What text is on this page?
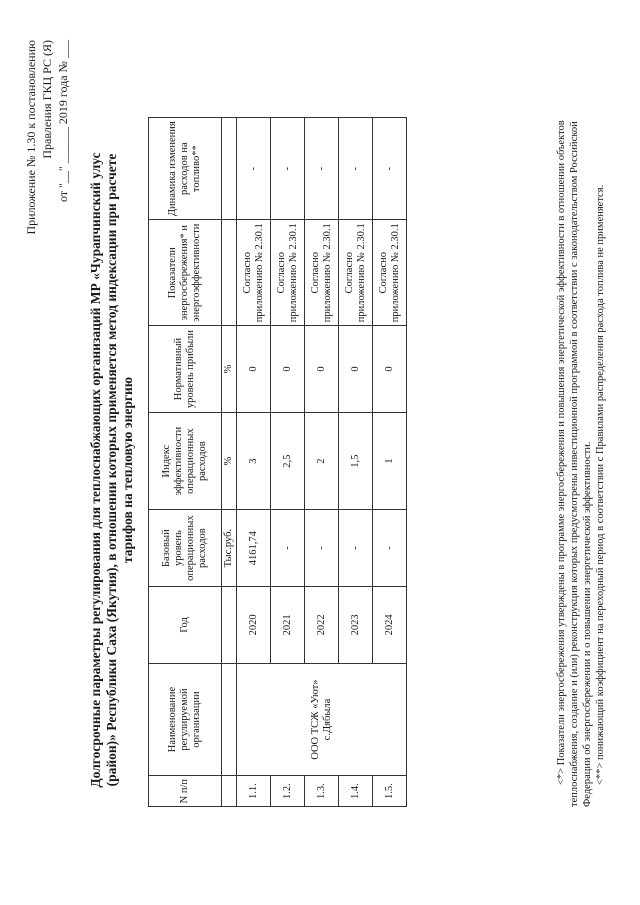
Приложение № 1.30 к постановлению Правления ГКЦ РС (Я) от "__" ______ 2019 года № ___
Долгосрочные параметры регулирования для теплоснабжающих организаций МР «Чурапчинский улус (район)» Республики Саха (Якутия), в отношении которых применяется метод индексации при расчете тарифов на тепловую энергию
N п/п	Наименование регулируемой организации	Год	Базовый уровень операционных расходов	Индекс эффективности операционных расходов	Нормативный уровень прибыли	Показатели энергосбережения* и энергоэффективности	Динамика изменения расходов на топливо**
			Тыс.руб.	%	%		
1.1.	ООО ТСЖ «Уют» с.Дябыла	2020	4161,74	3	0	Согласно приложению № 2.30.1	-
1.2.		2021	-	2,5	0	Согласно приложению № 2.30.1	-
1.3.		2022	-	2	0	Согласно приложению № 2.30.1	-
1.4.		2023	-	1,5	0	Согласно приложению № 2.30.1	-
1.5.		2024	-	1	0	Согласно приложению № 2.30.1	-	<*> Показатели энергосбережения утверждены в программе энергосбережения и повышения энергетической эффективности в отношении объектов теплоснабжения, создание и (или) реконструкция которых предусмотрены инвестиционной программой в соответствии с законодательством Российской Федерации об энергосбережении и о повышении энергетической эффективности. <**> понижающий коэффициент на переходный период в соответствии с Правилами распределения расхода топлива не применяется.
